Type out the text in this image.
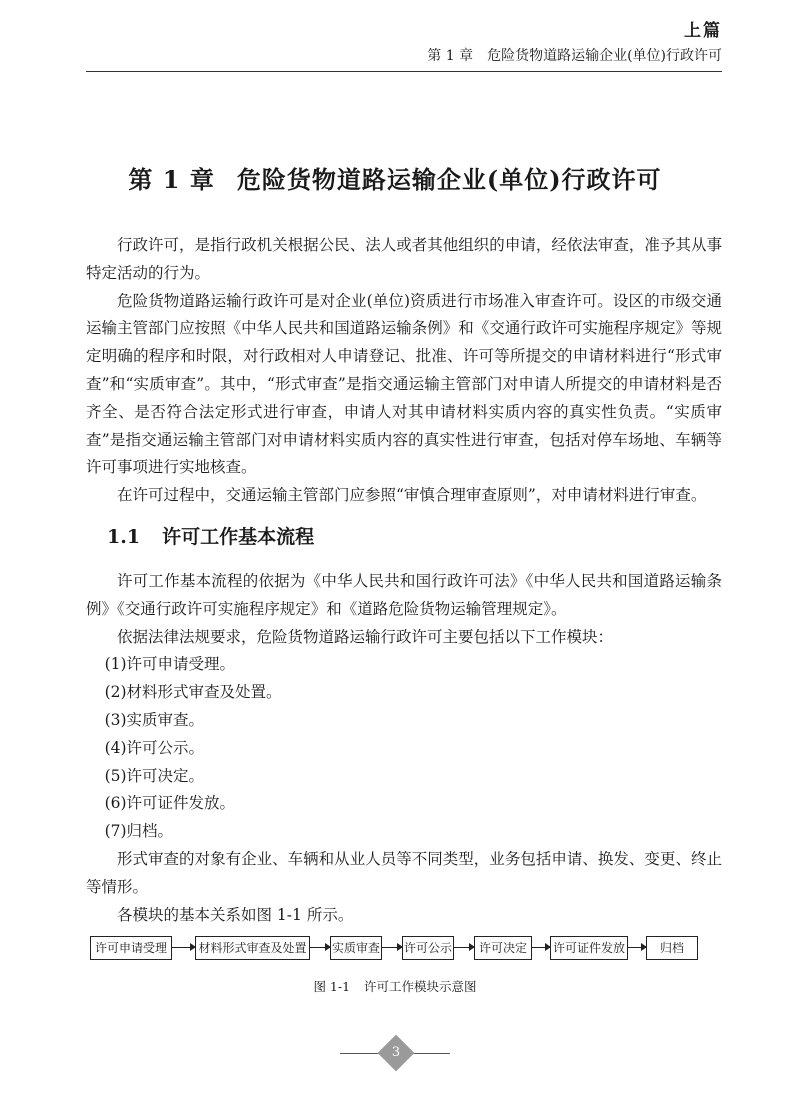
上篇
第 1 章　危险货物道路运输企业(单位)行政许可
第 1 章 危险货物道路运输企业(单位)行政许可

行政许可，是指行政机关根据公民、法人或者其他组织的申请，经依法审查，准予其从事特定活动的行为。

危险货物道路运输行政许可是对企业(单位)资质进行市场准入审查许可。设区的市级交通运输主管部门应按照《中华人民共和国道路运输条例》和《交通行政许可实施程序规定》等规定明确的程序和时限，对行政相对人申请登记、批准、许可等所提交的申请材料进行“形式审查”和“实质审查”。其中，“形式审查”是指交通运输主管部门对申请人所提交的申请材料是否齐全、是否符合法定形式进行审查，申请人对其申请材料实质内容的真实性负责。“实质审查”是指交通运输主管部门对申请材料实质内容的真实性进行审查，包括对停车场地、车辆等许可事项进行实地核查。

在许可过程中，交通运输主管部门应参照“审慎合理审查原则”，对申请材料进行审查。

1.1 许可工作基本流程

许可工作基本流程的依据为《中华人民共和国行政许可法》《中华人民共和国道路运输条例》《交通行政许可实施程序规定》和《道路危险货物运输管理规定》。

依据法律法规要求，危险货物道路运输行政许可主要包括以下工作模块：

(1)许可申请受理。

(2)材料形式审查及处置。

(3)实质审查。

(4)许可公示。

(5)许可决定。

(6)许可证件发放。

(7)归档。

形式审查的对象有企业、车辆和从业人员等不同类型，业务包括申请、换发、变更、终止等情形。

各模块的基本关系如图 1-1 所示。

许可申请受理	材料形式审查及处置 实质审查 许可公示	许可决定	许可证件发放	归档
图 1-1 许可工作模块示意图
3
